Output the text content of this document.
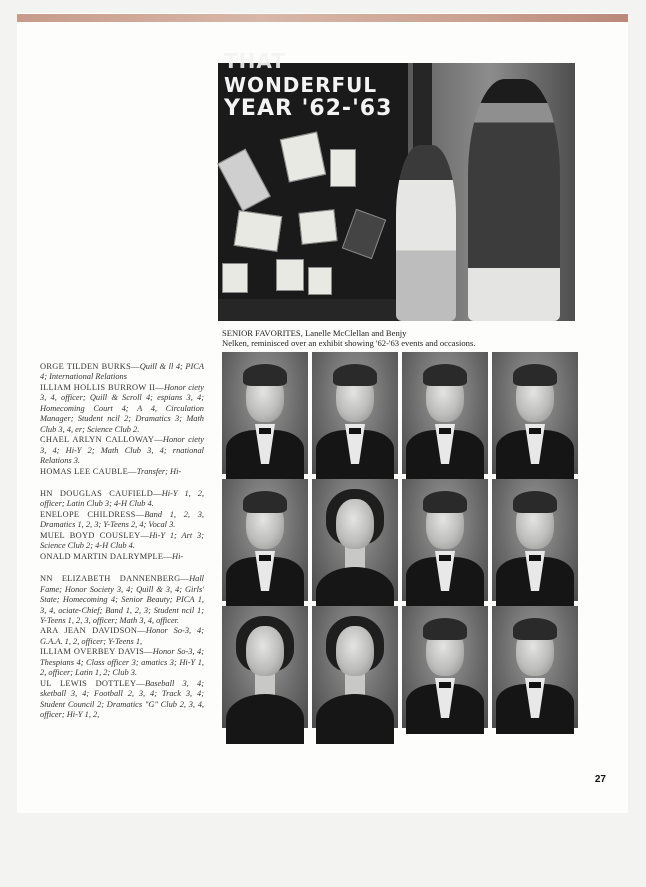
THAT
WONDERFUL
YEAR '62-'63
SENIOR FAVORITES, Lanelle McClellan and Benjy
Nelken, reminisced over an exhibit showing '62-'63 events and occasions.

ORGE TILDEN BURKS—Quill & ll 4; PICA 4; International Relations

ILLIAM HOLLIS BURROW II—Honor ciety 3, 4, officer; Quill & Scroll 4; espians 3, 4; Homecoming Court 4; A 4, Circulation Manager; Student ncil 2; Dramatics 3; Math Club 3, 4, er; Science Club 2.

CHAEL ARLYN CALLOWAY—Honor ciety 3, 4; Hi-Y 2; Math Club 3, 4; rnational Relations 3.

HOMAS LEE CAUBLE—Transfer; Hi-

HN DOUGLAS CAUFIELD—Hi-Y 1, 2, officer; Latin Club 3; 4-H Club 4.

ENELOPE CHILDRESS—Band 1, 2, 3, Dramatics 1, 2, 3; Y-Teens 2, 4; Vocal 3.

MUEL BOYD COUSLEY—Hi-Y 1; Art 3; Science Club 2; 4-H Club 4.

ONALD MARTIN DALRYMPLE—Hi-

NN ELIZABETH DANNENBERG—Hall Fame; Honor Society 3, 4; Quill & 3, 4; Girls' State; Homecoming 4; Senior Beauty; PICA 1, 3, 4, ociate-Chief; Band 1, 2, 3; Student ncil 1; Y-Teens 1, 2, 3, officer; Math 3, 4, officer.

ARA JEAN DAVIDSON—Honor So-3, 4; G.A.A. 1, 2, officer; Y-Teens 1,

ILLIAM OVERBEY DAVIS—Honor So-3, 4; Thespians 4; Class officer 3; amatics 3; Hi-Y 1, 2, officer; Latin 1, 2; Club 3.

UL LEWIS DOTTLEY—Baseball 3, 4; sketball 3, 4; Football 2, 3, 4; Track 3, 4; Student Council 2; Dramatics "G" Club 2, 3, 4, officer; Hi-Y 1, 2,

27
